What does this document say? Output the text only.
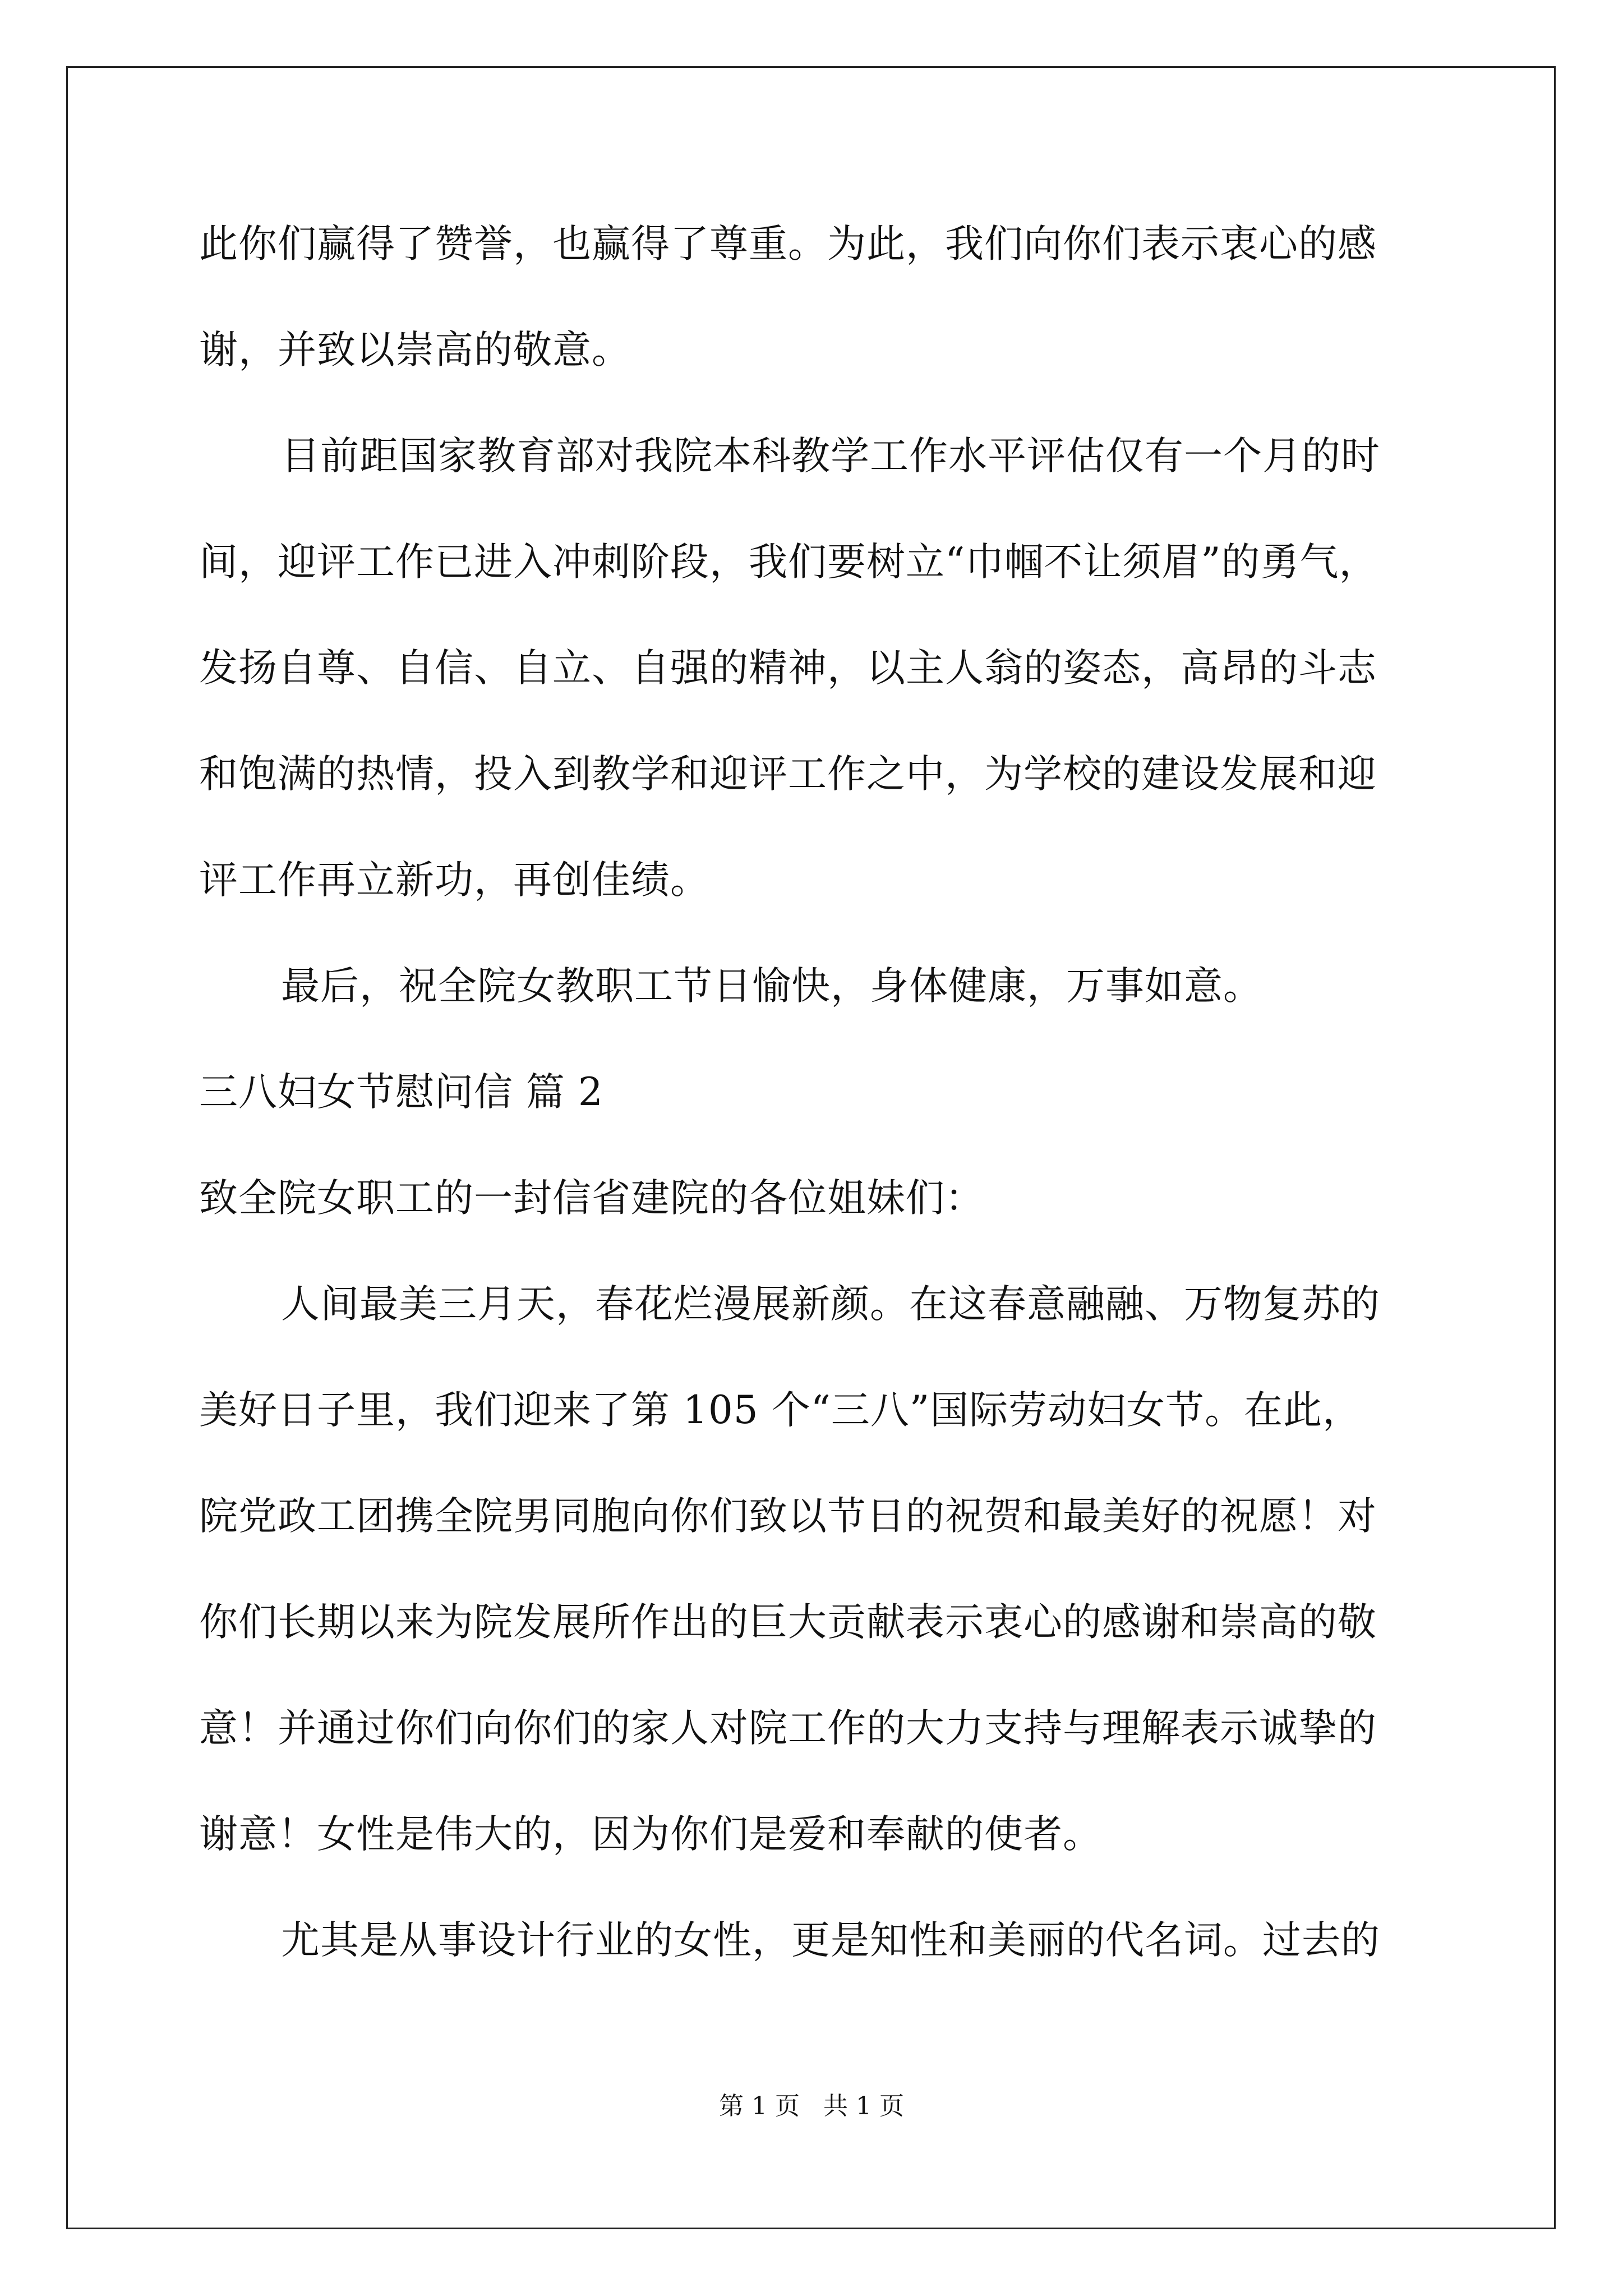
此你们赢得了赞誉，也赢得了尊重。为此，我们向你们表示衷心的感
谢，并致以崇高的敬意。
目前距国家教育部对我院本科教学工作水平评估仅有一个月的时
间，迎评工作已进入冲刺阶段，我们要树立“巾帼不让须眉”的勇气，
发扬自尊、自信、自立、自强的精神，以主人翁的姿态，高昂的斗志
和饱满的热情，投入到教学和迎评工作之中，为学校的建设发展和迎
评工作再立新功，再创佳绩。
最后，祝全院女教职工节日愉快，身体健康，万事如意。
三八妇女节慰问信 篇 2
致全院女职工的一封信省建院的各位姐妹们：
人间最美三月天，春花烂漫展新颜。在这春意融融、万物复苏的
美好日子里，我们迎来了第 105 个“三八”国际劳动妇女节。在此，
院党政工团携全院男同胞向你们致以节日的祝贺和最美好的祝愿！对
你们长期以来为院发展所作出的巨大贡献表示衷心的感谢和崇高的敬
意！并通过你们向你们的家人对院工作的大力支持与理解表示诚挚的
谢意！女性是伟大的，因为你们是爱和奉献的使者。
尤其是从事设计行业的女性，更是知性和美丽的代名词。过去的
第 1 页   共 1 页
